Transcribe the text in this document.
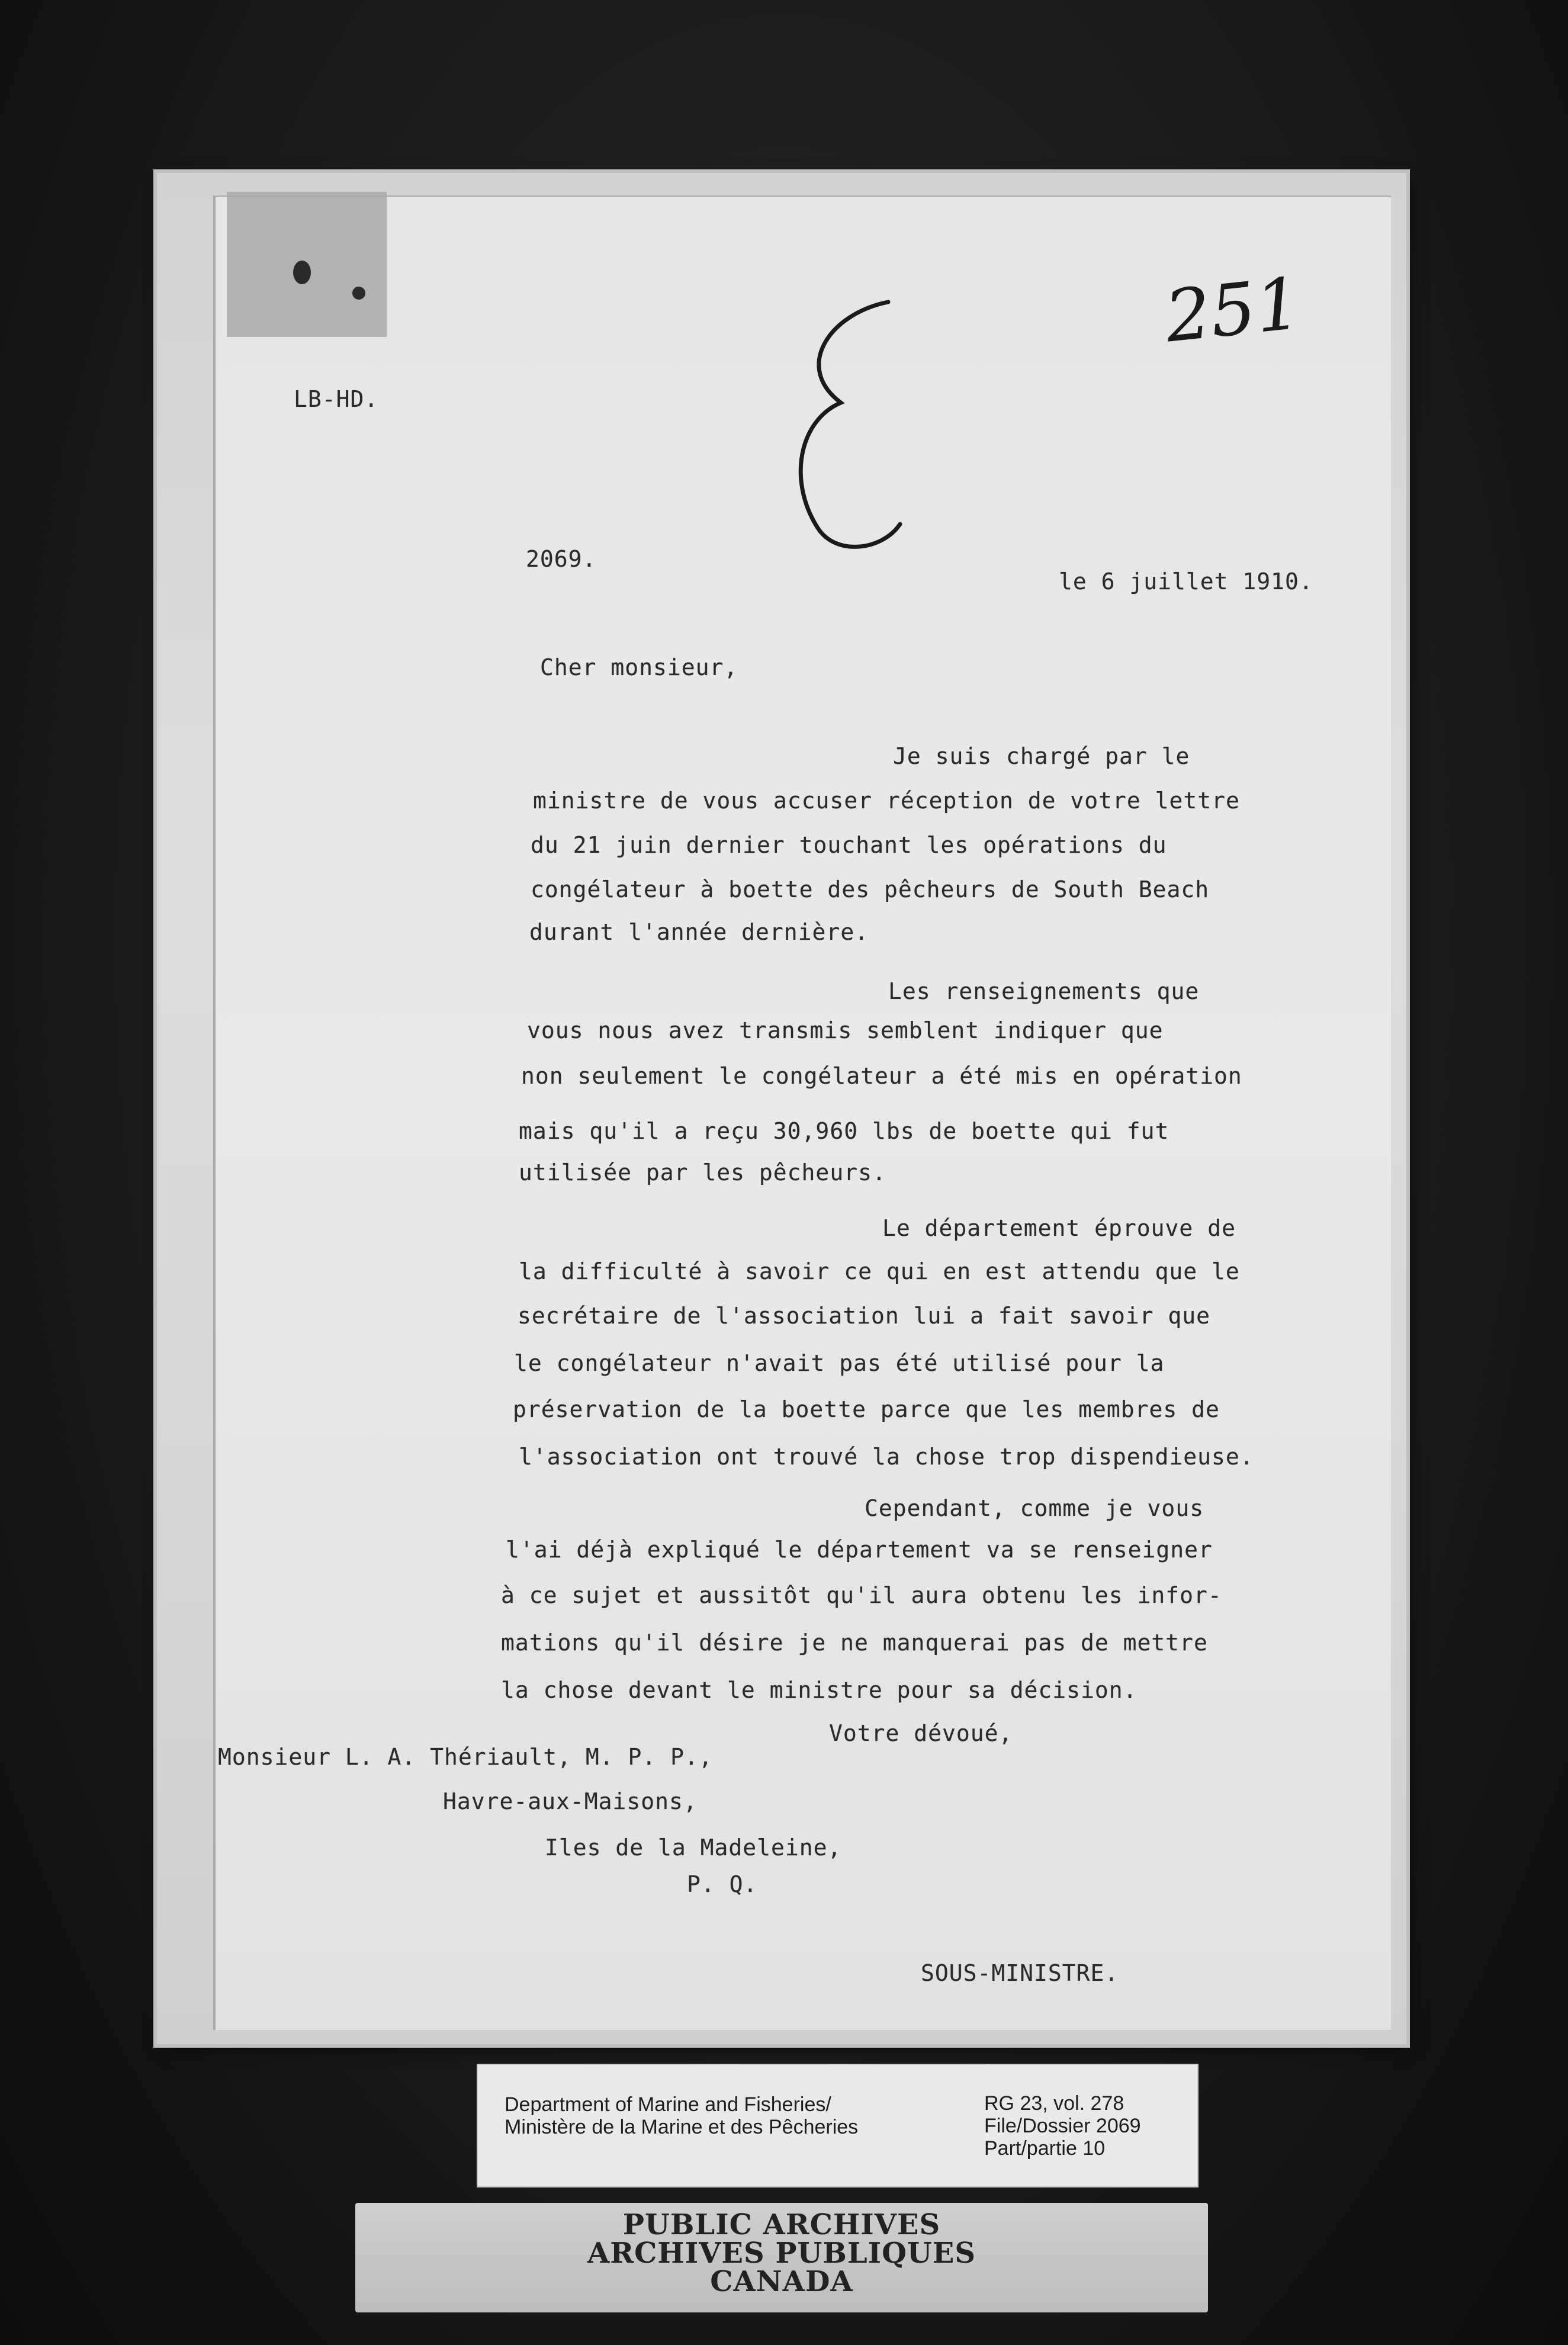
251
LB-HD.
2069.
le 6 juillet 1910.
Cher monsieur,
Je suis chargé par le
ministre de vous accuser réception de votre lettre
du 21 juin dernier touchant les opérations du
congélateur à boette des pêcheurs de South Beach
durant l'année dernière.
Les renseignements que
vous nous avez transmis semblent indiquer que
non seulement le congélateur a été mis en opération
mais qu'il a reçu 30,960 lbs de boette qui fut
utilisée par les pêcheurs.
Le département éprouve de
la difficulté à savoir ce qui en est attendu que le
secrétaire de l'association lui a fait savoir que
le congélateur n'avait pas été utilisé pour la
préservation de la boette parce que les membres de
l'association ont trouvé la chose trop dispendieuse.
Cependant, comme je vous
l'ai déjà expliqué le département va se renseigner
à ce sujet et aussitôt qu'il aura obtenu les infor-
mations qu'il désire je ne manquerai pas de mettre
la chose devant le ministre pour sa décision.
Votre dévoué,
Monsieur L. A. Thériault, M. P. P.,
Havre-aux-Maisons,
Iles de la Madeleine,
P. Q.
SOUS-MINISTRE.
Department of Marine and Fisheries/
Ministère de la Marine et des Pêcheries
RG 23, vol. 278
File/Dossier 2069
Part/partie 10
PUBLIC ARCHIVES
ARCHIVES PUBLIQUES
CANADA
